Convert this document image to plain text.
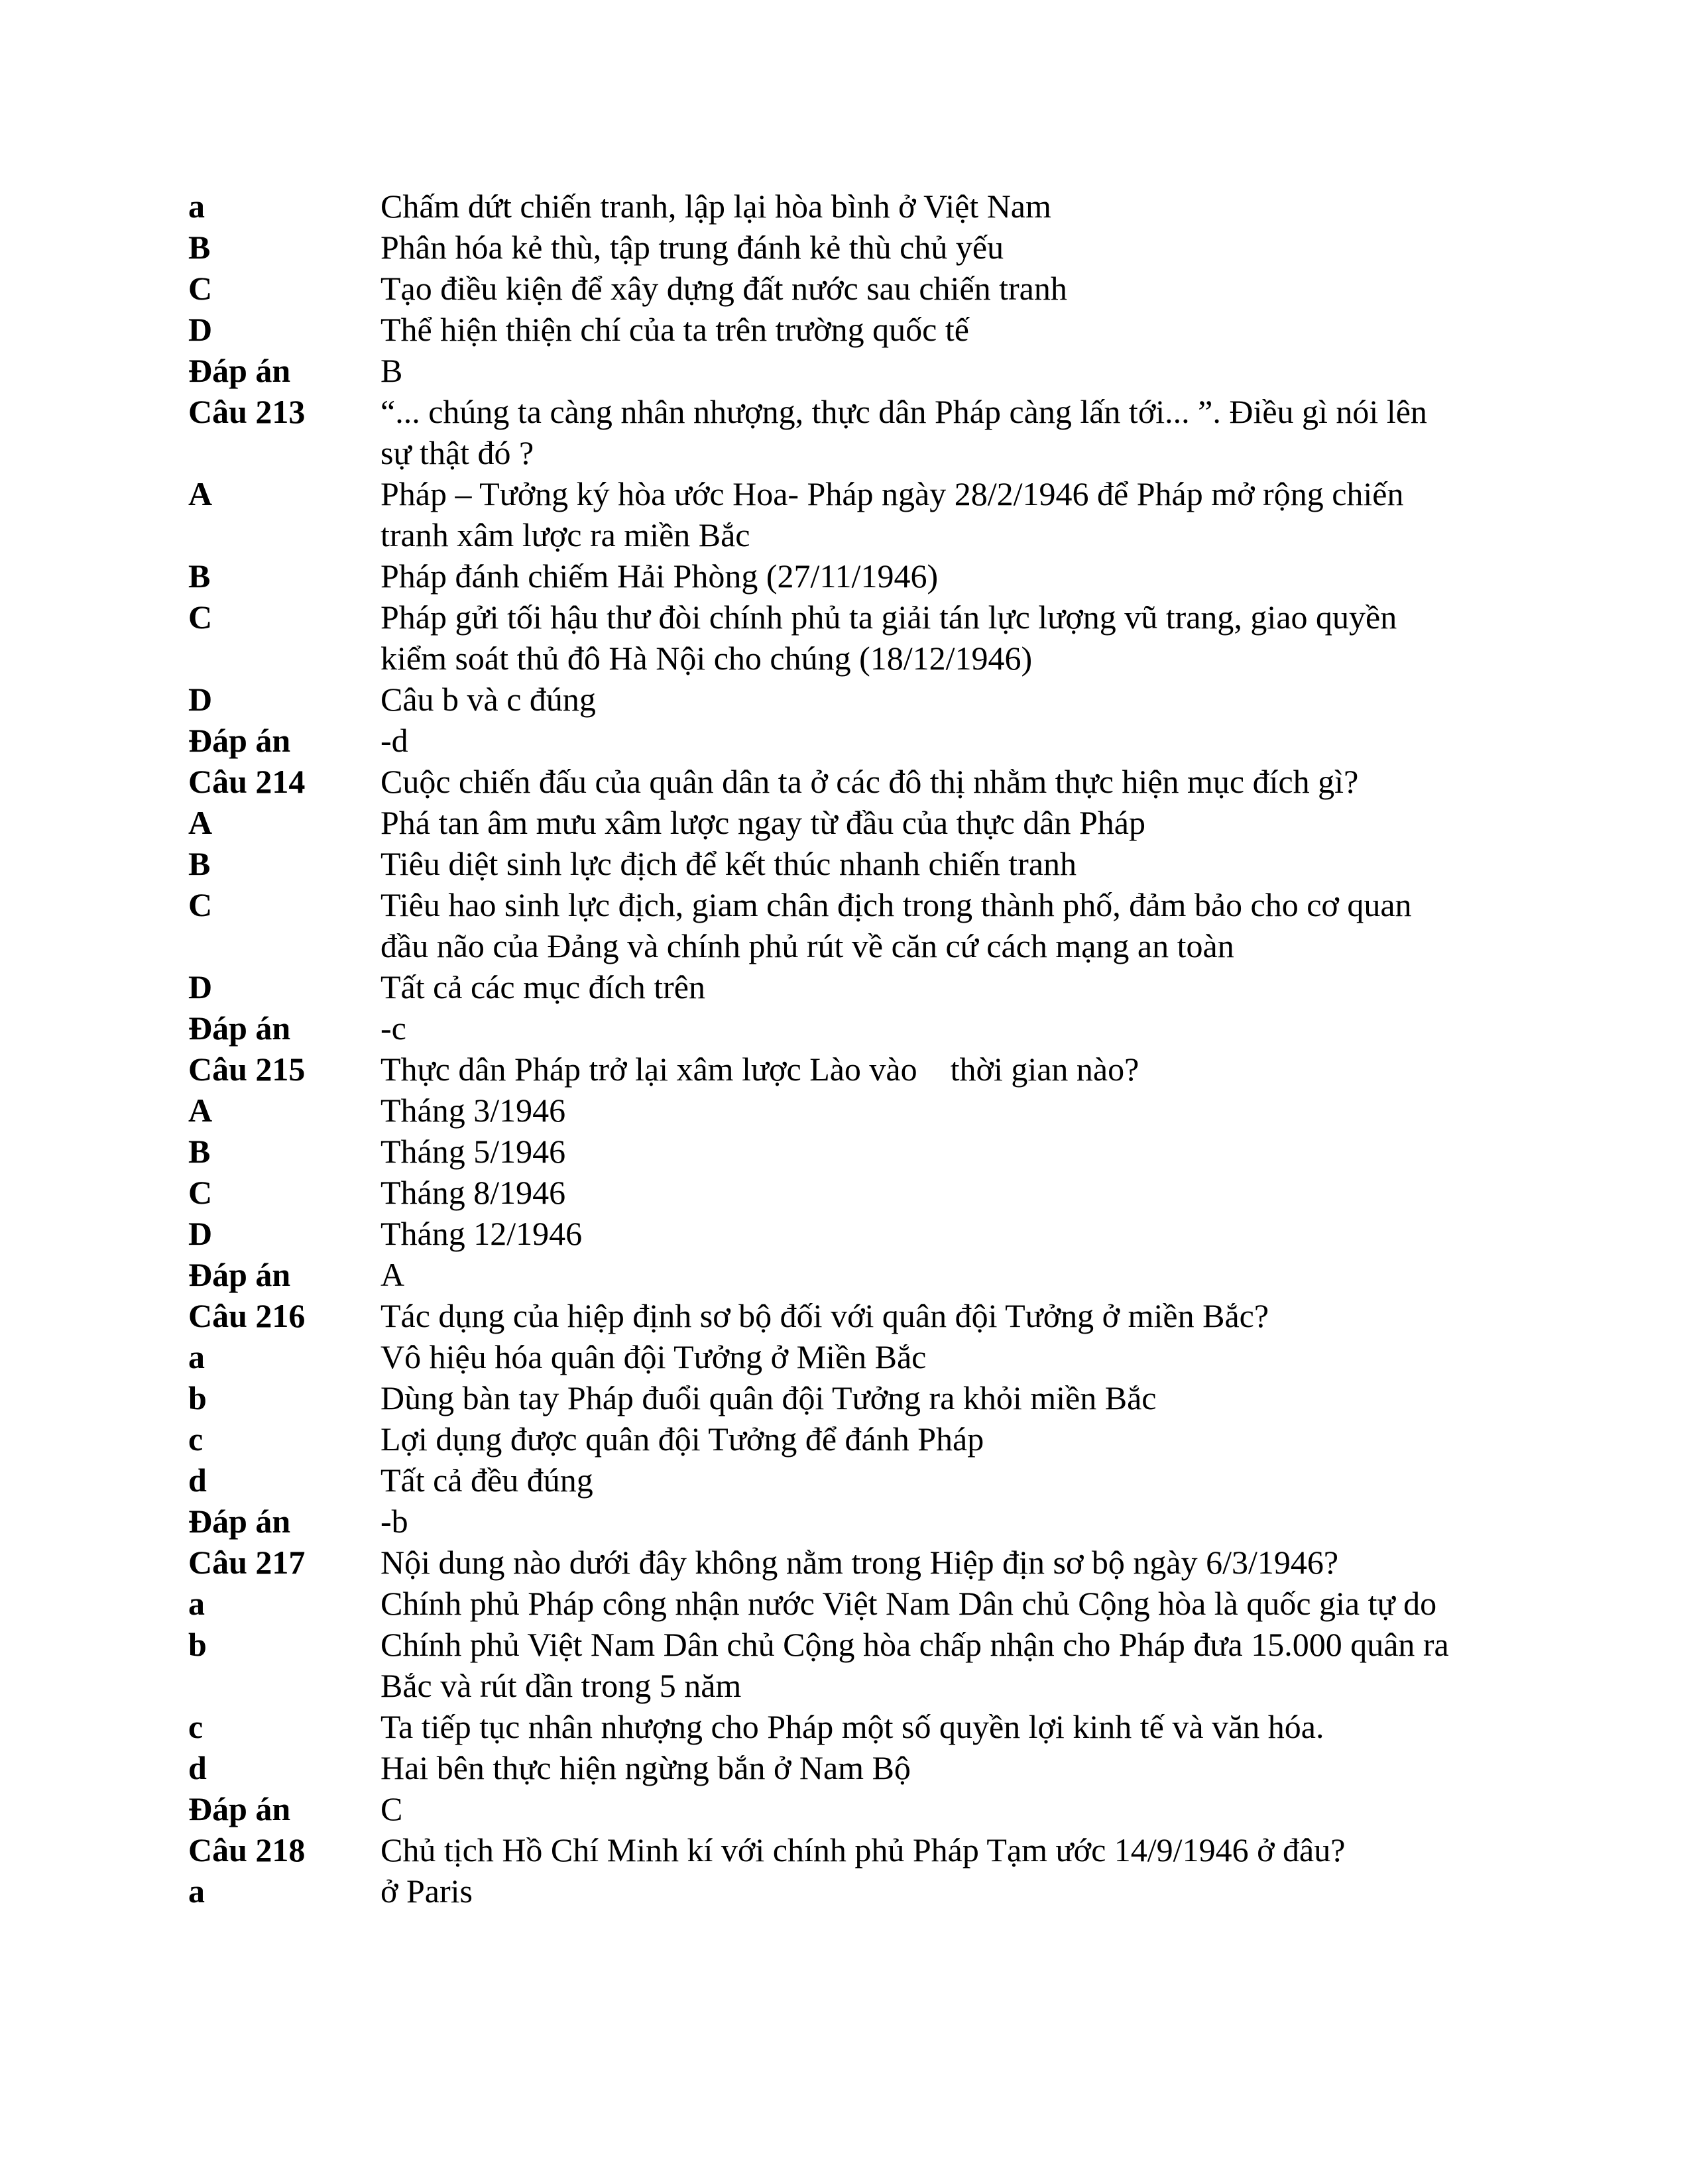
a	Chấm dứt chiến tranh, lập lại hòa bình ở Việt Nam
B	Phân hóa kẻ thù, tập trung đánh kẻ thù chủ yếu
C	Tạo điều kiện để xây dựng đất nước sau chiến tranh
D	Thể hiện thiện chí của ta trên trường quốc tế
Đáp án	B
Câu 213	“... chúng ta càng nhân nhượng, thực dân Pháp càng lấn tới... ”. Điều gì nói lên sự thật đó ?
A	Pháp – Tưởng ký hòa ước Hoa- Pháp ngày 28/2/1946 để Pháp mở rộng chiến tranh xâm lược ra miền Bắc
B	Pháp đánh chiếm Hải Phòng (27/11/1946)
C	Pháp gửi tối hậu thư đòi chính phủ ta giải tán lực lượng vũ trang, giao quyền kiểm soát thủ đô Hà Nội cho chúng (18/12/1946)
D	Câu b và c đúng
Đáp án	-d
Câu 214	Cuộc chiến đấu của quân dân ta ở các đô thị nhằm thực hiện mục đích gì?
A	Phá tan âm mưu xâm lược ngay từ đầu của thực dân Pháp
B	Tiêu diệt sinh lực địch để kết thúc nhanh chiến tranh
C	Tiêu hao sinh lực địch, giam chân địch trong thành phố, đảm bảo cho cơ quan đầu não của Đảng và chính phủ rút về căn cứ cách mạng an toàn
D	Tất cả các mục đích trên
Đáp án	-c
Câu 215	Thực dân Pháp trở lại xâm lược Lào vào    thời gian nào?
A	Tháng 3/1946
B	Tháng 5/1946
C	Tháng 8/1946
D	Tháng 12/1946
Đáp án	A
Câu 216	Tác dụng của hiệp định sơ bộ đối với quân đội Tưởng ở miền Bắc?
a	Vô hiệu hóa quân đội Tưởng ở Miền Bắc
b	Dùng bàn tay Pháp đuổi quân đội Tưởng ra khỏi miền Bắc
c	Lợi dụng được quân đội Tưởng để đánh Pháp
d	Tất cả đều đúng
Đáp án	-b
Câu 217	Nội dung nào dưới đây không nằm trong Hiệp địn sơ bộ ngày 6/3/1946?
a	Chính phủ Pháp công nhận nước Việt Nam Dân chủ Cộng hòa là quốc gia tự do
b	Chính phủ Việt Nam Dân chủ Cộng hòa chấp nhận cho Pháp đưa 15.000 quân ra Bắc và rút dần trong 5 năm
c	Ta tiếp tục nhân nhượng cho Pháp một số quyền lợi kinh tế và văn hóa.
d	Hai bên thực hiện ngừng bắn ở Nam Bộ
Đáp án	C
Câu 218	Chủ tịch Hồ Chí Minh kí với chính phủ Pháp Tạm ước 14/9/1946 ở đâu?
a	ở Paris
